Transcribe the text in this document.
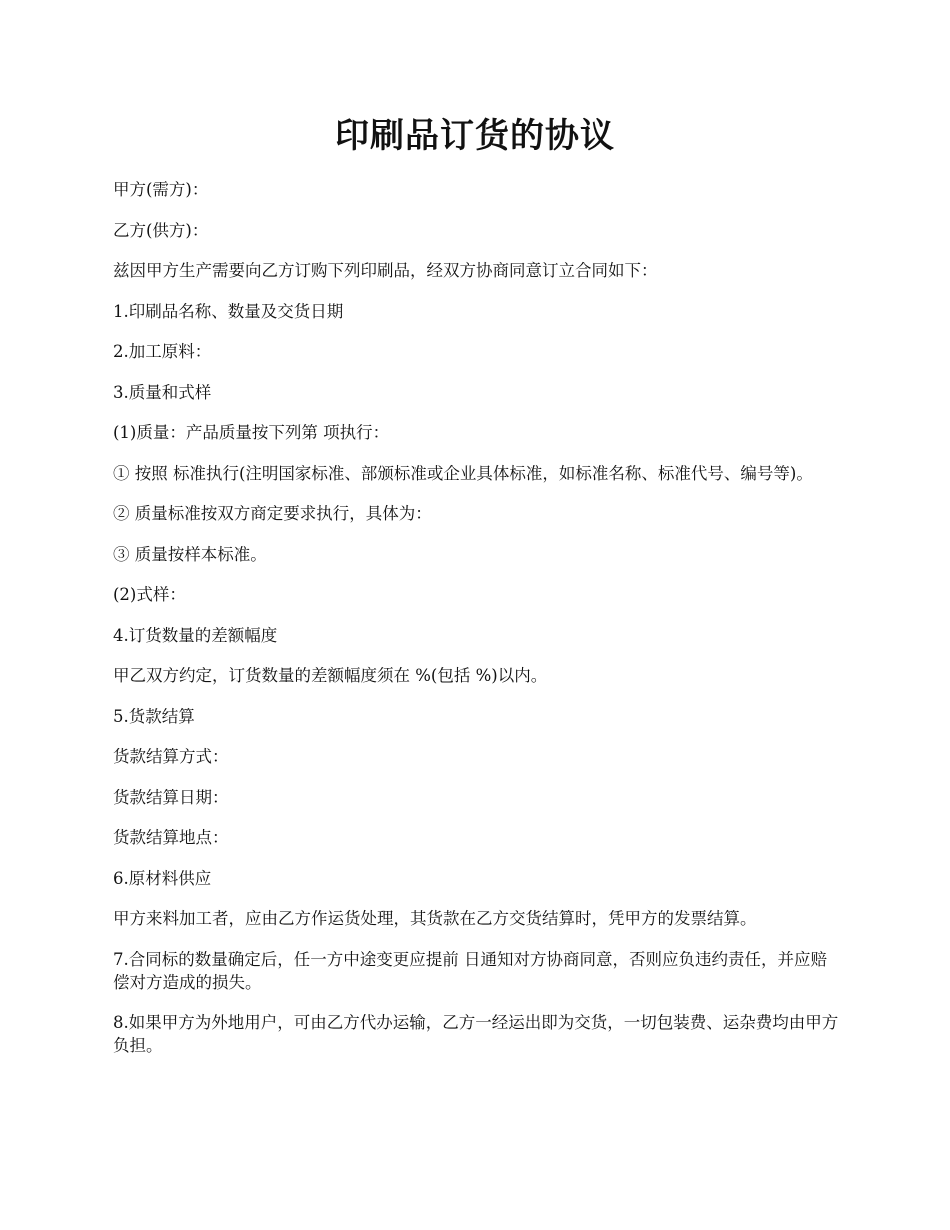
印刷品订货的协议

甲方(需方)：

乙方(供方)：

兹因甲方生产需要向乙方订购下列印刷品，经双方协商同意订立合同如下：

1.印刷品名称、数量及交货日期

2.加工原料：

3.质量和式样

(1)质量：产品质量按下列第 项执行：

① 按照 标准执行(注明国家标准、部颁标准或企业具体标准，如标准名称、标准代号、编号等)。

② 质量标准按双方商定要求执行，具体为：

③ 质量按样本标准。

(2)式样：

4.订货数量的差额幅度

甲乙双方约定，订货数量的差额幅度须在 %(包括 %)以内。

5.货款结算

货款结算方式：

货款结算日期：

货款结算地点：

6.原材料供应

甲方来料加工者，应由乙方作运货处理，其货款在乙方交货结算时，凭甲方的发票结算。

7.合同标的数量确定后，任一方中途变更应提前 日通知对方协商同意，否则应负违约责任，并应赔偿对方造成的损失。

8.如果甲方为外地用户，可由乙方代办运输，乙方一经运出即为交货，一切包装费、运杂费均由甲方负担。
